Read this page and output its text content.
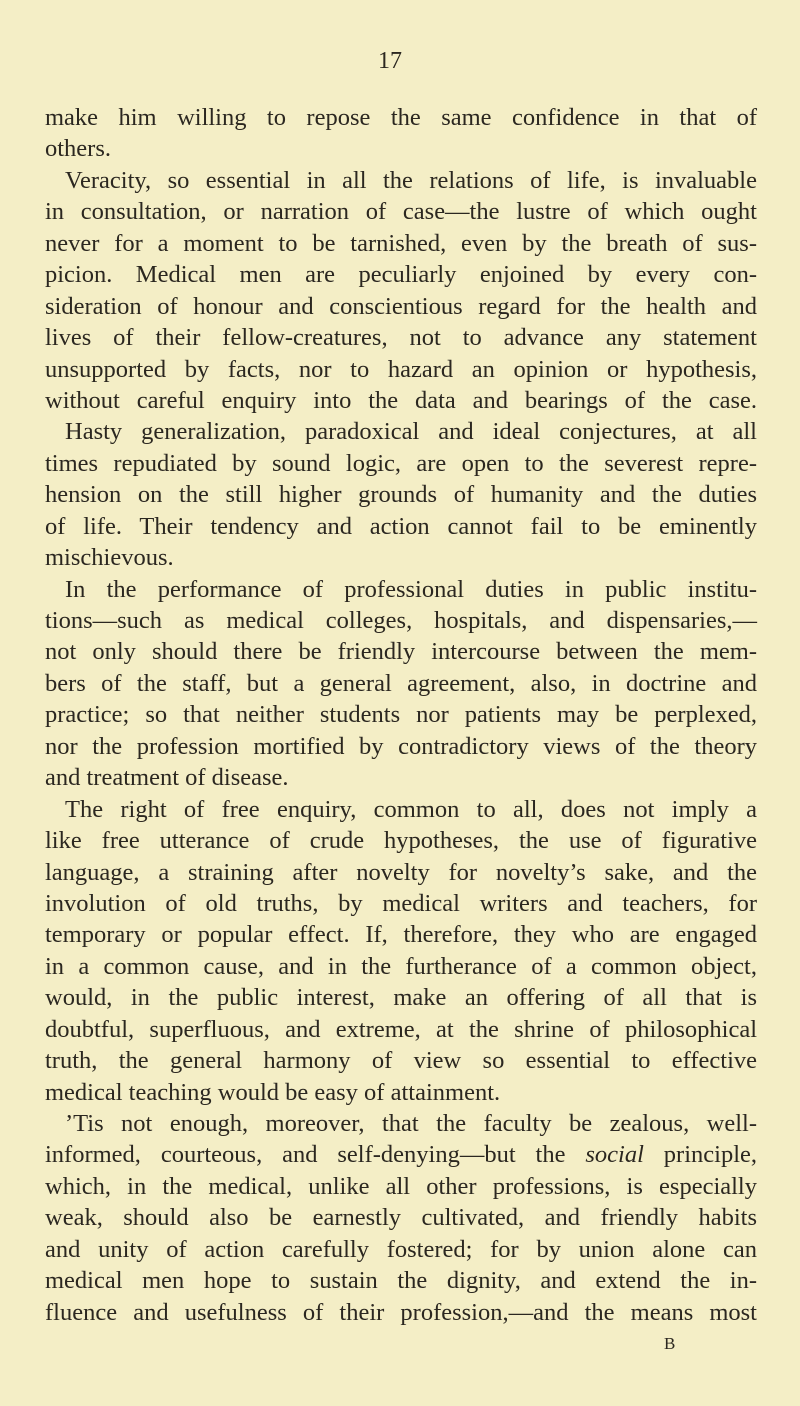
17
make him willing to repose the same confidence in that of
others.
Veracity, so essential in all the relations of life, is invaluable
in consultation, or narration of case—the lustre of which ought
never for a moment to be tarnished, even by the breath of sus-
picion. Medical men are peculiarly enjoined by every con-
sideration of honour and conscientious regard for the health and
lives of their fellow-creatures, not to advance any statement
unsupported by facts, nor to hazard an opinion or hypothesis,
without careful enquiry into the data and bearings of the case.
Hasty generalization, paradoxical and ideal conjectures, at all
times repudiated by sound logic, are open to the severest repre-
hension on the still higher grounds of humanity and the duties
of life. Their tendency and action cannot fail to be eminently
mischievous.
In the performance of professional duties in public institu-
tions—such as medical colleges, hospitals, and dispensaries,—
not only should there be friendly intercourse between the mem-
bers of the staff, but a general agreement, also, in doctrine and
practice; so that neither students nor patients may be perplexed,
nor the profession mortified by contradictory views of the theory
and treatment of disease.
The right of free enquiry, common to all, does not imply a
like free utterance of crude hypotheses, the use of figurative
language, a straining after novelty for novelty’s sake, and the
involution of old truths, by medical writers and teachers, for
temporary or popular effect. If, therefore, they who are engaged
in a common cause, and in the furtherance of a common object,
would, in the public interest, make an offering of all that is
doubtful, superfluous, and extreme, at the shrine of philosophical
truth, the general harmony of view so essential to effective
medical teaching would be easy of attainment.
’Tis not enough, moreover, that the faculty be zealous, well-
informed, courteous, and self-denying—but the social principle,
which, in the medical, unlike all other professions, is especially
weak, should also be earnestly cultivated, and friendly habits
and unity of action carefully fostered; for by union alone can
medical men hope to sustain the dignity, and extend the in-
fluence and usefulness of their profession,—and the means most
B
